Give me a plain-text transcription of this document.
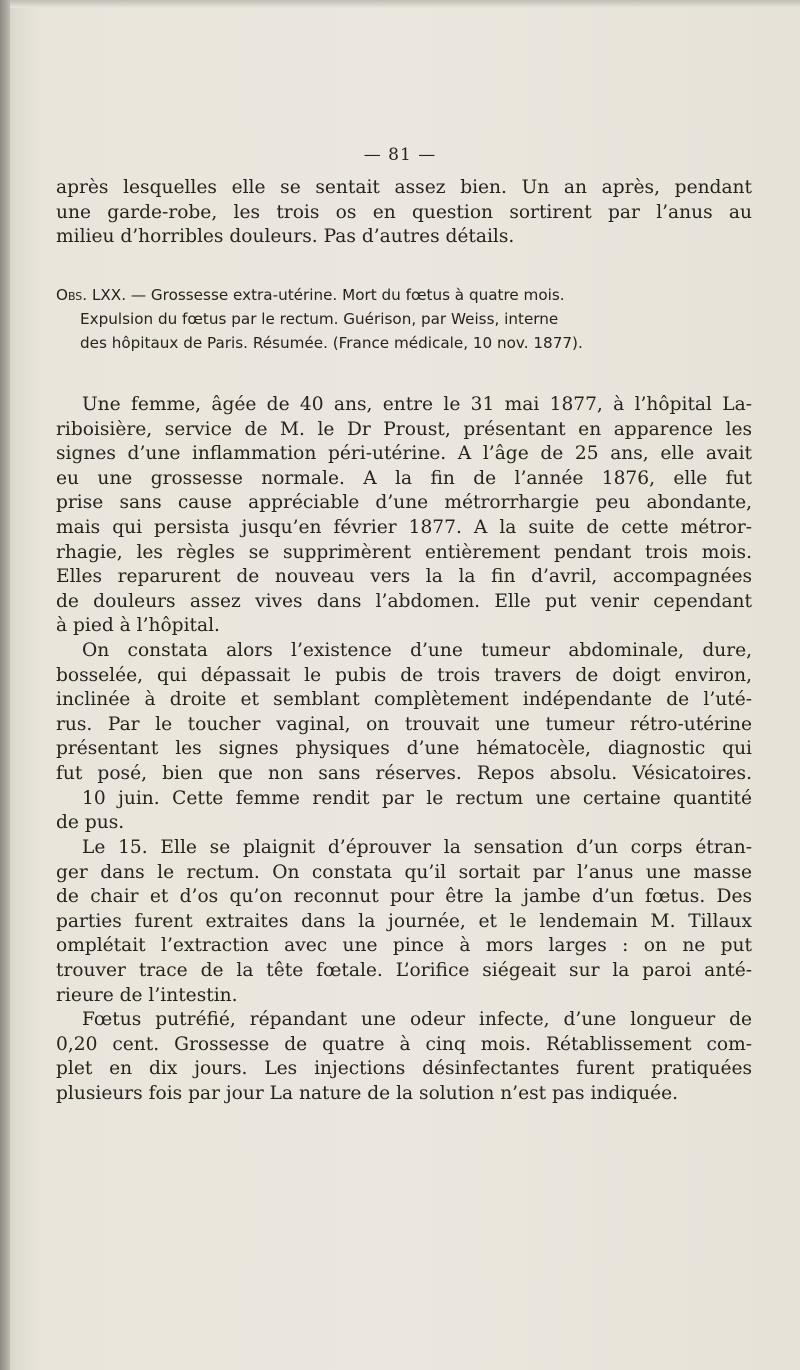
— 81 —

après lesquelles elle se sentait assez bien. Un an après, pendant
une garde-robe, les trois os en question sortirent par l’anus au
milieu d’horribles douleurs. Pas d’autres détails.

Obs. LXX. — Grossesse extra-utérine. Mort du fœtus à quatre mois.
Expulsion du fœtus par le rectum. Guérison, par Weiss, interne
des hôpitaux de Paris. Résumée. (France médicale, 10 nov. 1877).

Une femme, âgée de 40 ans, entre le 31 mai 1877, à l’hôpital La-
riboisière, service de M. le Dr Proust, présentant en apparence les
signes d’une inflammation péri-utérine. A l’âge de 25 ans, elle avait
eu une grossesse normale. A la fin de l’année 1876, elle fut
prise sans cause appréciable d’une métrorrhargie peu abondante,
mais qui persista jusqu’en février 1877. A la suite de cette métror-
rhagie, les règles se supprimèrent entièrement pendant trois mois.
Elles reparurent de nouveau vers la la fin d’avril, accompagnées
de douleurs assez vives dans l’abdomen. Elle put venir cependant
à pied à l’hôpital.

On constata alors l’existence d’une tumeur abdominale, dure,
bosselée, qui dépassait le pubis de trois travers de doigt environ,
inclinée à droite et semblant complètement indépendante de l’uté-
rus. Par le toucher vaginal, on trouvait une tumeur rétro-utérine
présentant les signes physiques d’une hématocèle, diagnostic qui
fut posé, bien que non sans réserves. Repos absolu. Vésicatoires.
10 juin. Cette femme rendit par le rectum une certaine quantité
de pus.

Le 15. Elle se plaignit d’éprouver la sensation d’un corps étran-
ger dans le rectum. On constata qu’il sortait par l’anus une masse
de chair et d’os qu’on reconnut pour être la jambe d’un fœtus. Des
parties furent extraites dans la journée, et le lendemain M. Tillaux
omplétait l’extraction avec une pince à mors larges : on ne put
trouver trace de la tête fœtale. L’orifice siégeait sur la paroi anté-
rieure de l’intestin.

Fœtus putréfié, répandant une odeur infecte, d’une longueur de
0,20 cent. Grossesse de quatre à cinq mois. Rétablissement com-
plet en dix jours. Les injections désinfectantes furent pratiquées
plusieurs fois par jour La nature de la solution n’est pas indiquée.
